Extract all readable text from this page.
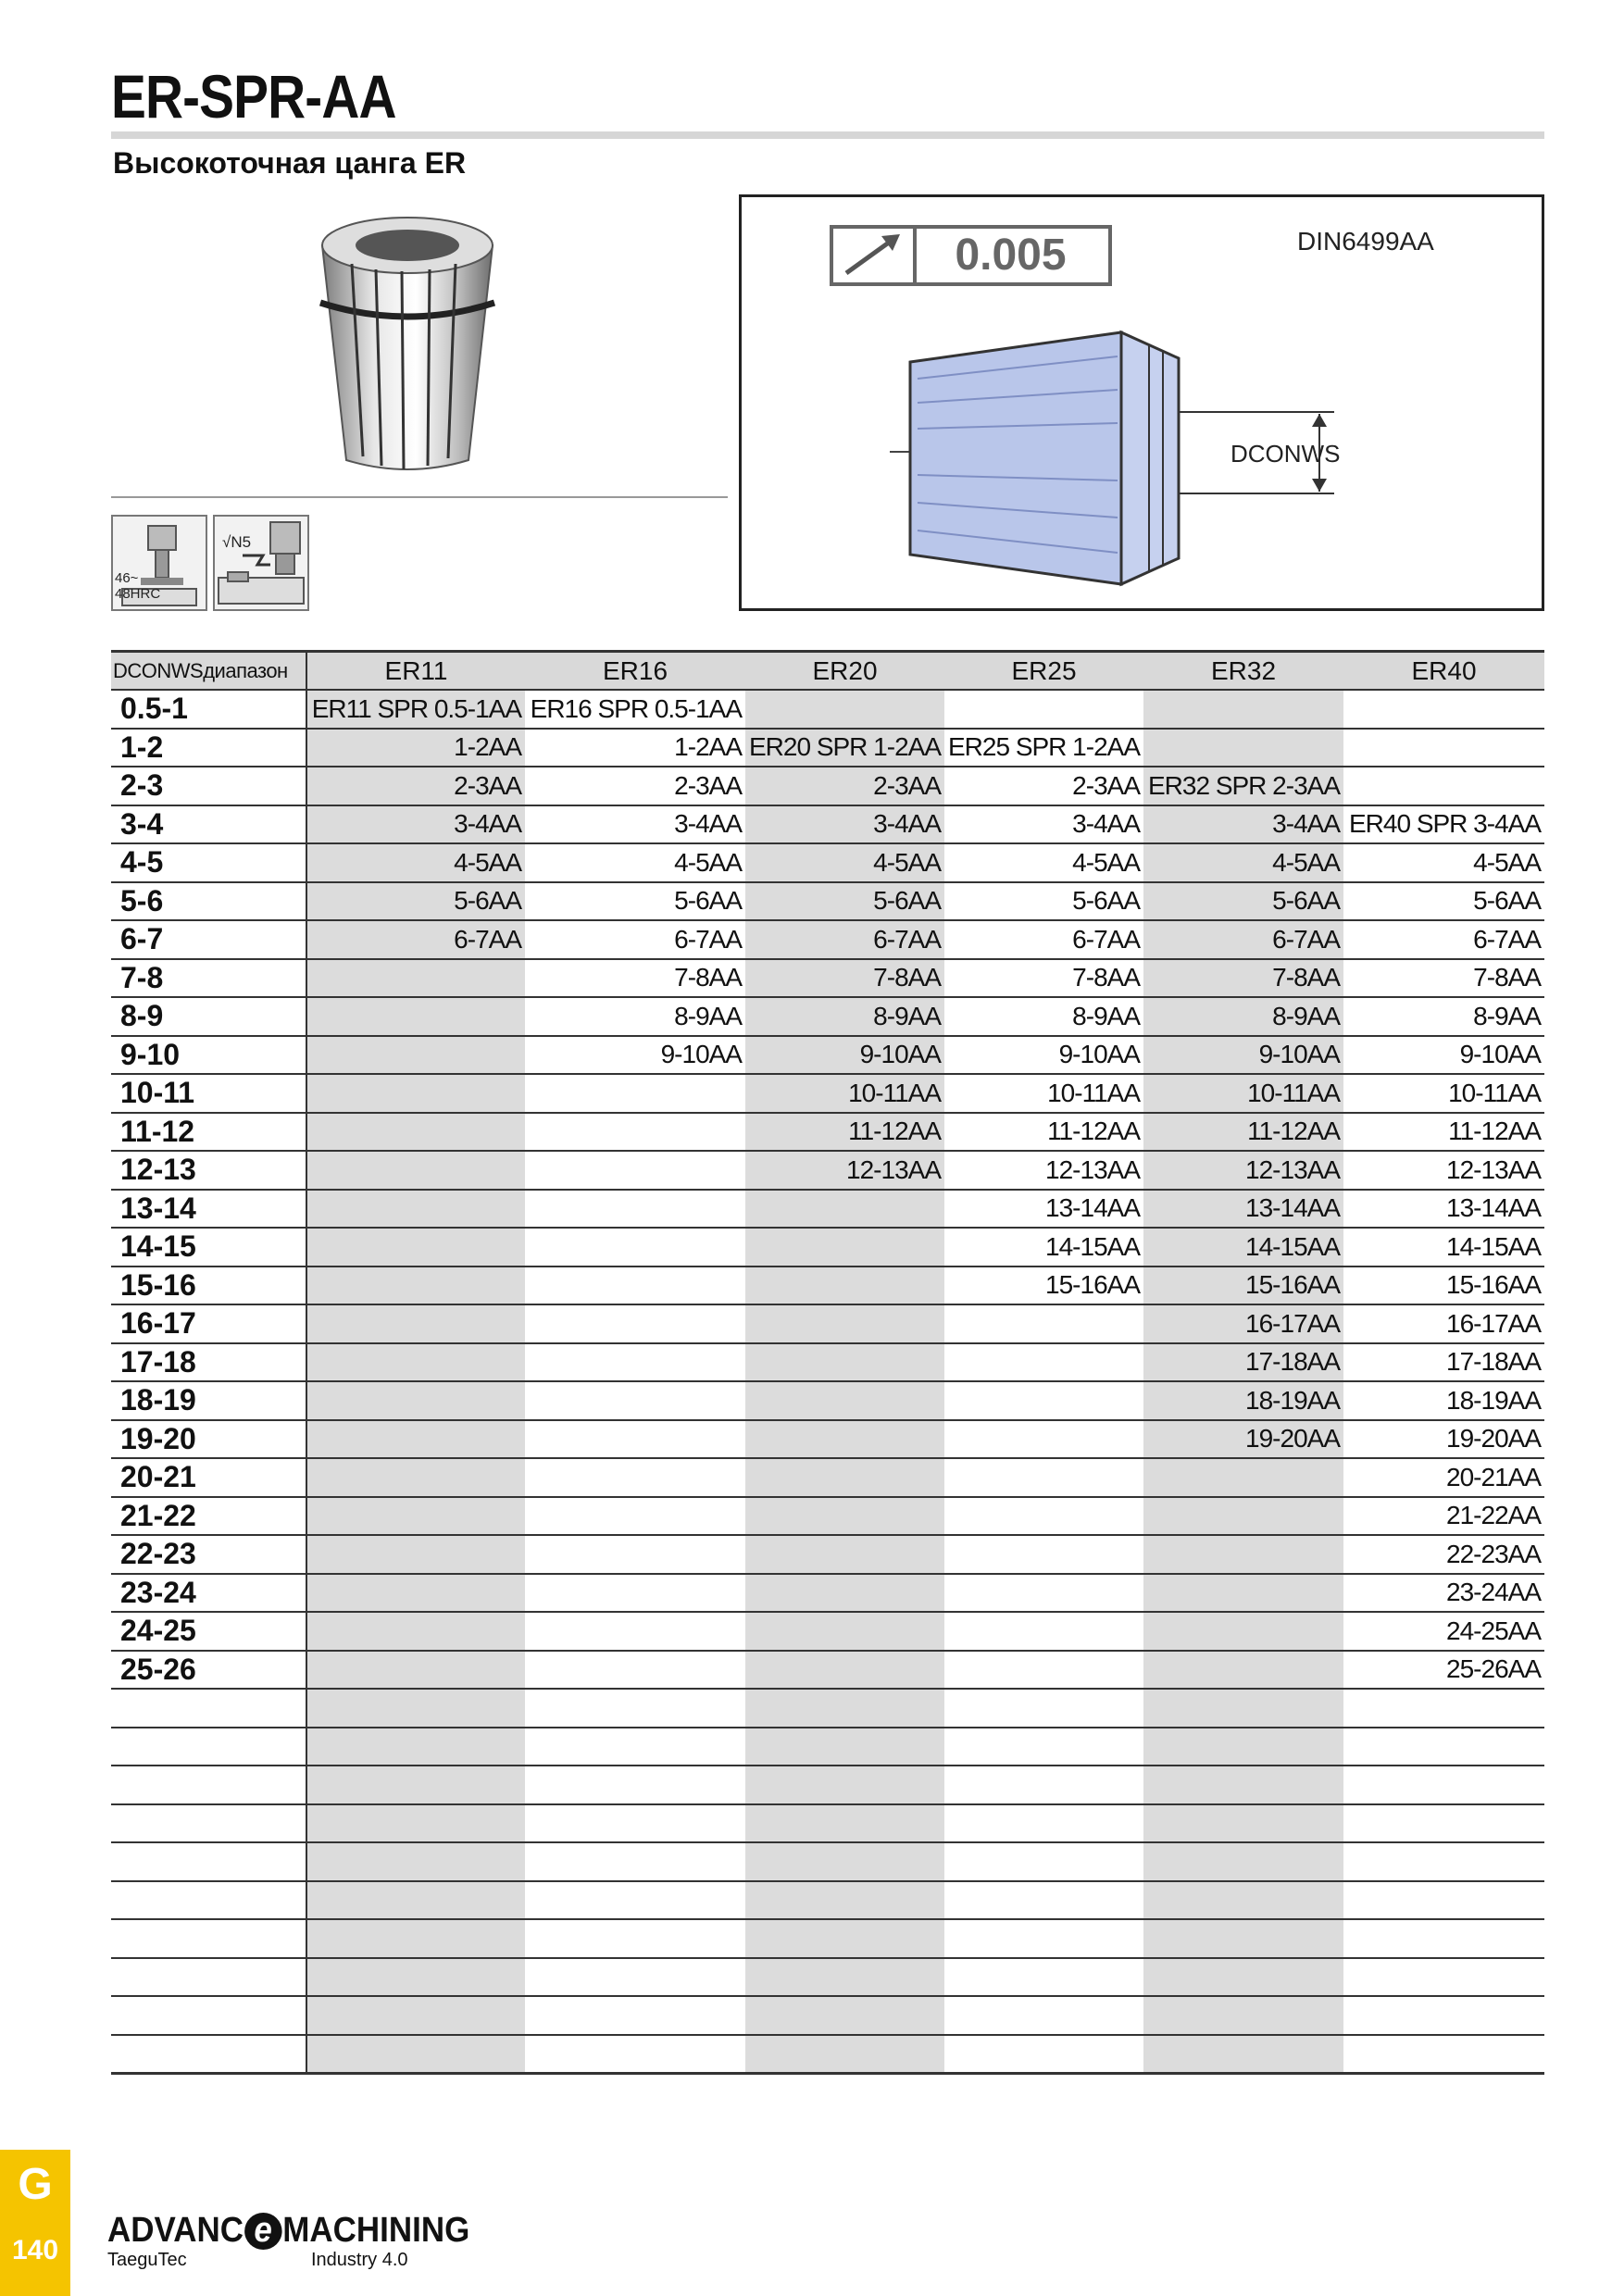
ER-SPR-AA
Высокоточная цанга ER
46~ 48HRC
√N5
0.005	DIN6499AA
DCONWS
DCONWSдиапазон	ER11	ER16	ER20	ER25	ER32	ER40
0.5-1	ER11 SPR 0.5-1AA	ER16 SPR 0.5-1AA				
1-2	1-2AA	1-2AA	ER20 SPR 1-2AA	ER25 SPR 1-2AA		
2-3	2-3AA	2-3AA	2-3AA	2-3AA	ER32 SPR 2-3AA	
3-4	3-4AA	3-4AA	3-4AA	3-4AA	3-4AA	ER40 SPR 3-4AA
4-5	4-5AA	4-5AA	4-5AA	4-5AA	4-5AA	4-5AA
5-6	5-6AA	5-6AA	5-6AA	5-6AA	5-6AA	5-6AA
6-7	6-7AA	6-7AA	6-7AA	6-7AA	6-7AA	6-7AA
7-8		7-8AA	7-8AA	7-8AA	7-8AA	7-8AA
8-9		8-9AA	8-9AA	8-9AA	8-9AA	8-9AA
9-10		9-10AA	9-10AA	9-10AA	9-10AA	9-10AA
10-11			10-11AA	10-11AA	10-11AA	10-11AA
11-12			11-12AA	11-12AA	11-12AA	11-12AA
12-13			12-13AA	12-13AA	12-13AA	12-13AA
13-14				13-14AA	13-14AA	13-14AA
14-15				14-15AA	14-15AA	14-15AA
15-16				15-16AA	15-16AA	15-16AA
16-17					16-17AA	16-17AA
17-18					17-18AA	17-18AA
18-19					18-19AA	18-19AA
19-20					19-20AA	19-20AA
20-21						20-21AA
21-22						21-22AA
22-23						22-23AA
23-24						23-24AA
24-25						24-25AA
25-26						25-26AA

G
140
ADVANC e MACHINING
TaeguTec	Industry 4.0
